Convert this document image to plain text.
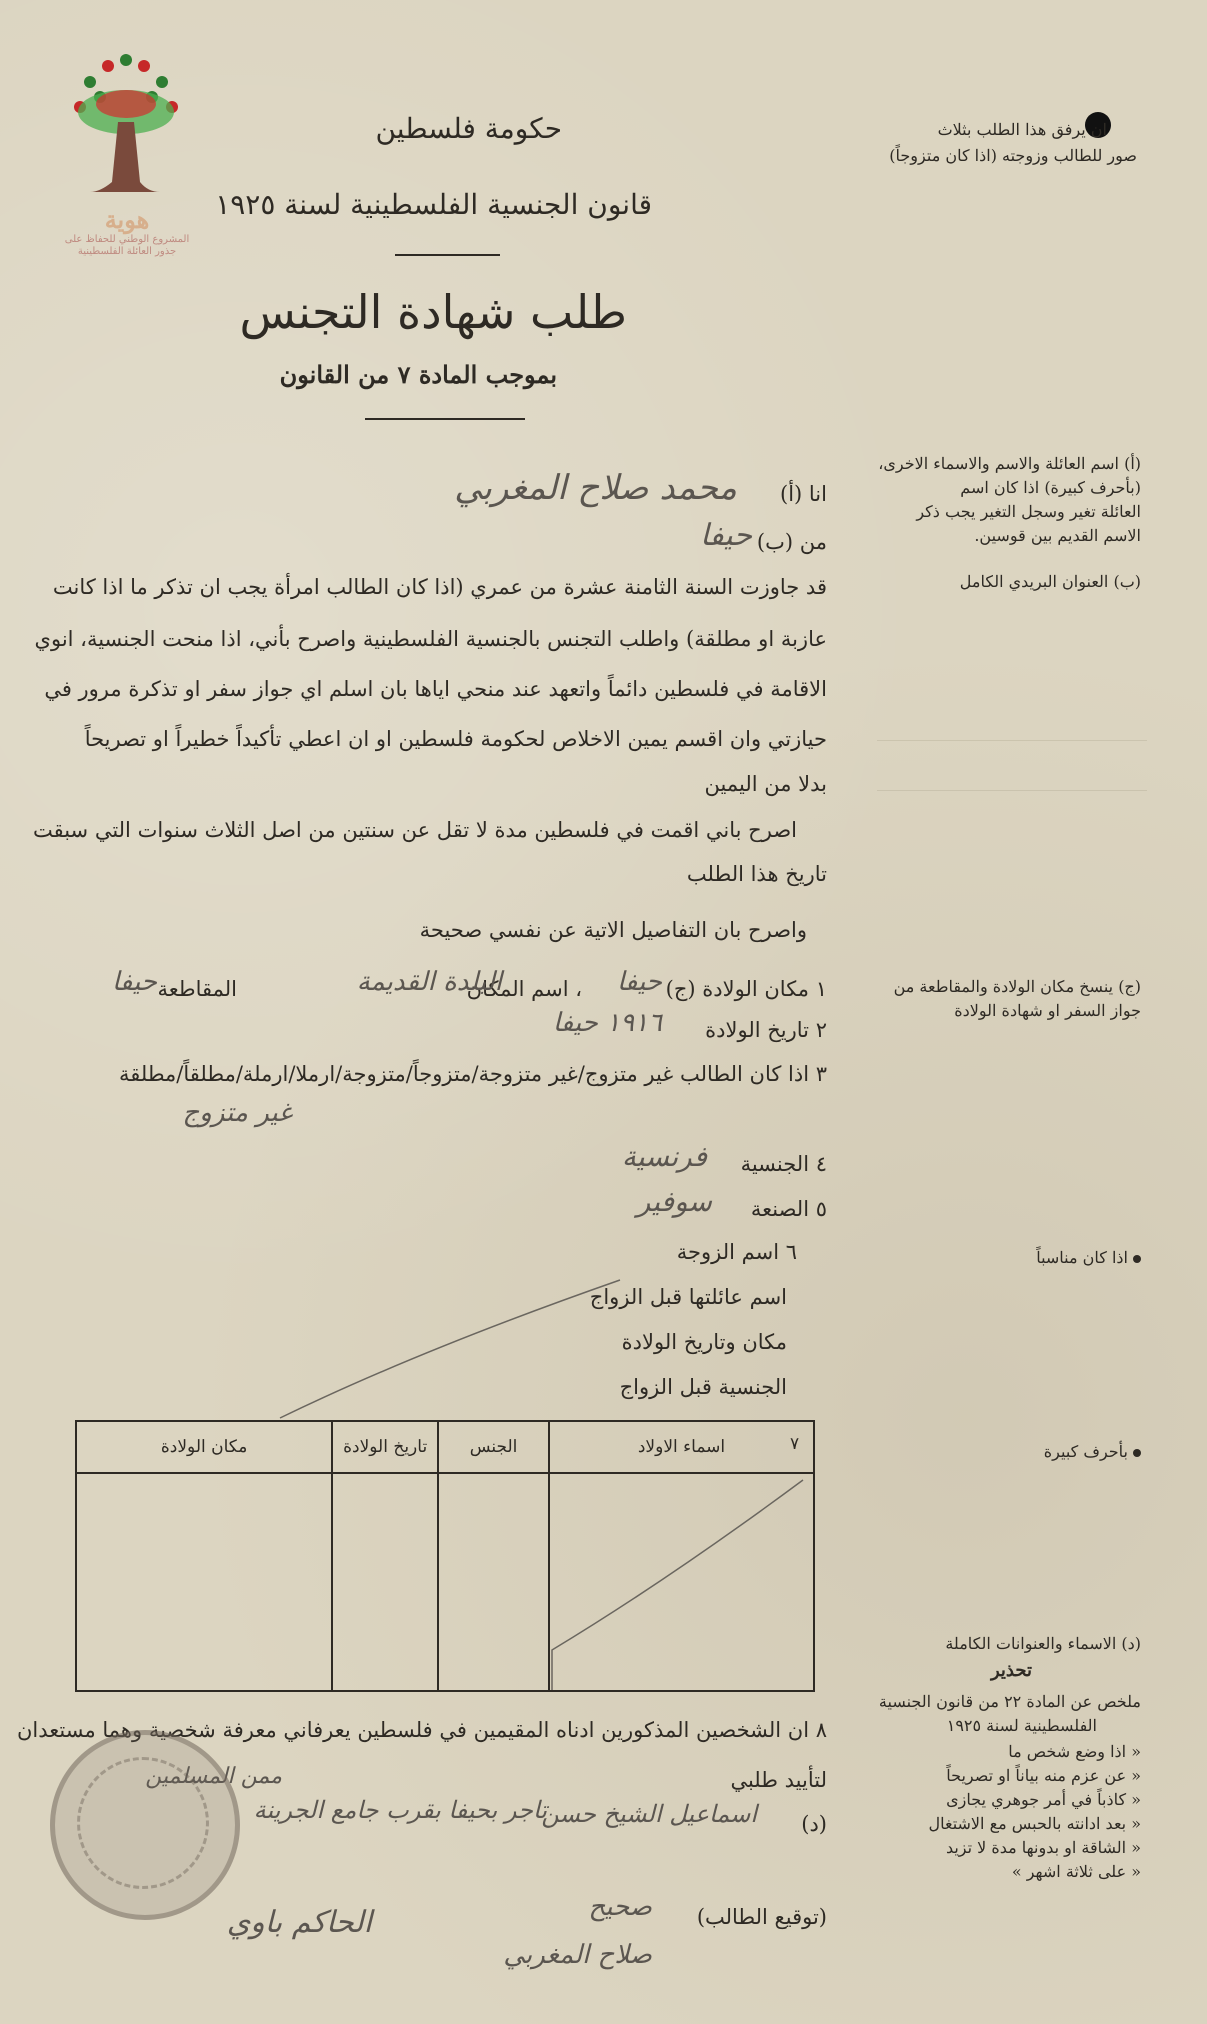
هوية
المشروع الوطني للحفاظ على
جذور العائلة الفلسطينية
حكومة فلسطين
قانون الجنسية الفلسطينية لسنة ١٩٢٥
طلب شهادة التجنس
بموجب المادة ٧ من القانون
ان يرفق هذا الطلب بثلاث
صور للطالب وزوجته (اذا كان متزوجاً)
(أ) اسم العائلة والاسم والاسماء الاخرى،
(بأحرف كبيرة) اذا كان اسم
العائلة تغير وسجل التغير يجب ذكر
الاسم القديم بين قوسين.
(ب) العنوان البريدي الكامل
(ج) ينسخ مكان الولادة والمقاطعة من
جواز السفر او شهادة الولادة
اذا كان مناسباً
بأحرف كبيرة
(د) الاسماء والعنوانات الكاملة
تحذير
ملخص عن المادة ٢٢ من قانون الجنسية
الفلسطينية لسنة ١٩٢٥
« اذا وضع شخص ما
« عن عزم منه بياناً او تصريحاً
« كاذباً في أمر جوهري يجازى
« بعد ادانته بالحبس مع الاشتغال
« الشاقة او بدونها مدة لا تزيد
« على ثلاثة اشهر »
انا (أ)
محمد صلاح المغربي
من (ب)
حيفا
قد جاوزت السنة الثامنة عشرة من عمري (اذا كان الطالب امرأة يجب ان تذكر ما اذا كانت
عازبة او مطلقة) واطلب التجنس بالجنسية الفلسطينية واصرح بأني، اذا منحت الجنسية، انوي
الاقامة في فلسطين دائماً واتعهد عند منحي اياها بان اسلم اي جواز سفر او تذكرة مرور في
حيازتي وان اقسم يمين الاخلاص لحكومة فلسطين او ان اعطي تأكيداً خطيراً او تصريحاً
بدلا من اليمين
اصرح باني اقمت في فلسطين مدة لا تقل عن سنتين من اصل الثلاث سنوات التي سبقت
تاريخ هذا الطلب
واصرح بان التفاصيل الاتية عن نفسي صحيحة
١ مكان الولادة (ج)
حيفا
، اسم المكان
البلدة القديمة
المقاطعة
حيفا
٢ تاريخ الولادة
١٩١٦ حيفا
٣ اذا كان الطالب غير متزوج/غير متزوجة/متزوجاً/متزوجة/ارملا/ارملة/مطلقاً/مطلقة
غير متزوج
٤ الجنسية
فرنسية
٥ الصنعة
سوفير
٦ اسم الزوجة
اسم عائلتها قبل الزواج
مكان وتاريخ الولادة
الجنسية قبل الزواج
٧
مكان الولادة	تاريخ الولادة	الجنس	اسماء الاولاد

٨ ان الشخصين المذكورين ادناه المقيمين في فلسطين يعرفاني معرفة شخصية وهما مستعدان
لتأييد طلبي
(د)
اسماعيل الشيخ حسن
تاجر بحيفا بقرب جامع الجرينة
ممن المسلمين
(توقيع الطالب)
صحيح
صلاح المغربي
الحاكم باوي
